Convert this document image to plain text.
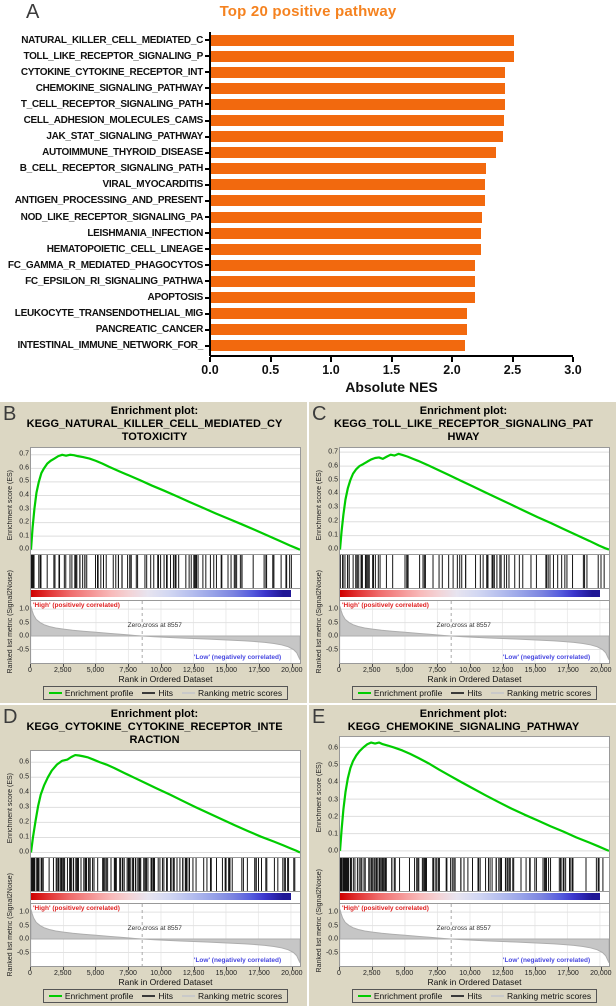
A	Top 20 positive pathway
NATURAL_KILLER_CELL_MEDIATED_C
TOLL_LIKE_RECEPTOR_SIGNALING_P
CYTOKINE_CYTOKINE_RECEPTOR_INT
CHEMOKINE_SIGNALING_PATHWAY
T_CELL_RECEPTOR_SIGNALING_PATH
CELL_ADHESION_MOLECULES_CAMS
JAK_STAT_SIGNALING_PATHWAY
AUTOIMMUNE_THYROID_DISEASE
B_CELL_RECEPTOR_SIGNALING_PATH
VIRAL_MYOCARDITIS
ANTIGEN_PROCESSING_AND_PRESENT
NOD_LIKE_RECEPTOR_SIGNALING_PA
LEISHMANIA_INFECTION
HEMATOPOIETIC_CELL_LINEAGE
FC_GAMMA_R_MEDIATED_PHAGOCYTOS
FC_EPSILON_RI_SIGNALING_PATHWA
APOPTOSIS
LEUKOCYTE_TRANSENDOTHELIAL_MIG
PANCREATIC_CANCER
INTESTINAL_IMMUNE_NETWORK_FOR_
0.0	0.5	1.0	1.5	2.0	2.5	3.0
Absolute NES
B	Enrichment plot:
KEGG_NATURAL_KILLER_CELL_MEDIATED_CYTOTOXICITY
Enrichment score (ES)
Ranked list metric (Signal2Noise)
0.7
0.6
0.5
0.4
0.3
0.2
0.1
0.0
'High' (positively correlated)
'Low' (negatively correlated)
Zero cross at 8557
1.0
0.5
0.0
-0.5
0	2,500 5,000 7,500 10,000 12,500 15,000 17,500 20,000
Rank in Ordered Dataset
Enrichment profile	Hits	Ranking metric scores
C	Enrichment plot:
KEGG_TOLL_LIKE_RECEPTOR_SIGNALING_PATHWAY
Enrichment score (ES)
Ranked list metric (Signal2Noise)
0.7
0.6
0.5
0.4
0.3
0.2
0.1
0.0
'High' (positively correlated)
'Low' (negatively correlated)
Zero cross at 8557
1.0
0.5
0.0
-0.5
0	2,500 5,000 7,500 10,000 12,500 15,000 17,500 20,000
Rank in Ordered Dataset
Enrichment profile	Hits	Ranking metric scores
D	Enrichment plot:
KEGG_CYTOKINE_CYTOKINE_RECEPTOR_INTERACTION
Enrichment score (ES)
Ranked list metric (Signal2Noise)
0.6
0.5
0.4
0.3
0.2
0.1
0.0
'High' (positively correlated)
'Low' (negatively correlated)
Zero cross at 8557
1.0
0.5
0.0
-0.5
0	2,500 5,000 7,500 10,000 12,500 15,000 17,500 20,000
Rank in Ordered Dataset
Enrichment profile	Hits	Ranking metric scores
E	Enrichment plot:
KEGG_CHEMOKINE_SIGNALING_PATHWAY
Enrichment score (ES)
Ranked list metric (Signal2Noise)
0.6
0.5
0.4
0.3
0.2
0.1
0.0
'High' (positively correlated)
'Low' (negatively correlated)
Zero cross at 8557
1.0
0.5
0.0
-0.5
0	2,500 5,000 7,500 10,000 12,500 15,000 17,500 20,000
Rank in Ordered Dataset
Enrichment profile	Hits	Ranking metric scores
